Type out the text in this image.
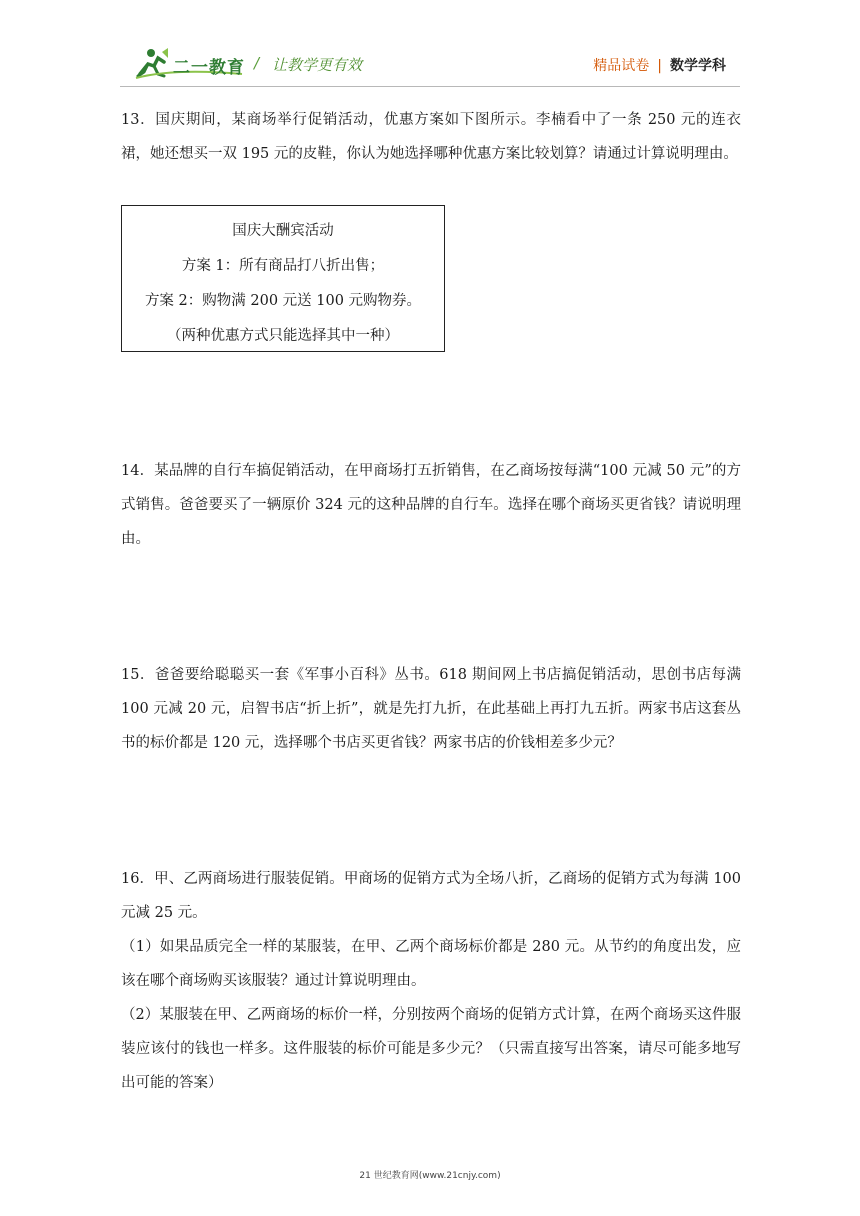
二一教育 / 让教学更有效	精品试卷 | 数学学科

13．国庆期间，某商场举行促销活动，优惠方案如下图所示。李楠看中了一条 250 元的连衣裙，她还想买一双 195 元的皮鞋，你认为她选择哪种优惠方案比较划算？请通过计算说明理由。

国庆大酬宾活动
方案 1：所有商品打八折出售；
方案 2：购物满 200 元送 100 元购物券。
（两种优惠方式只能选择其中一种）

14．某品牌的自行车搞促销活动，在甲商场打五折销售，在乙商场按每满“100 元减 50 元”的方式销售。爸爸要买了一辆原价 324 元的这种品牌的自行车。选择在哪个商场买更省钱？请说明理由。

15．爸爸要给聪聪买一套《军事小百科》丛书。618 期间网上书店搞促销活动，思创书店每满 100 元减 20 元，启智书店“折上折”，就是先打九折，在此基础上再打九五折。两家书店这套丛书的标价都是 120 元，选择哪个书店买更省钱？两家书店的价钱相差多少元？

16．甲、乙两商场进行服装促销。甲商场的促销方式为全场八折，乙商场的促销方式为每满 100 元减 25 元。

（1）如果品质完全一样的某服装，在甲、乙两个商场标价都是 280 元。从节约的角度出发，应该在哪个商场购买该服装？通过计算说明理由。

（2）某服装在甲、乙两商场的标价一样，分别按两个商场的促销方式计算，在两个商场买这件服装应该付的钱也一样多。这件服装的标价可能是多少元？（只需直接写出答案，请尽可能多地写出可能的答案）

21 世纪教育网(www.21cnjy.com)
